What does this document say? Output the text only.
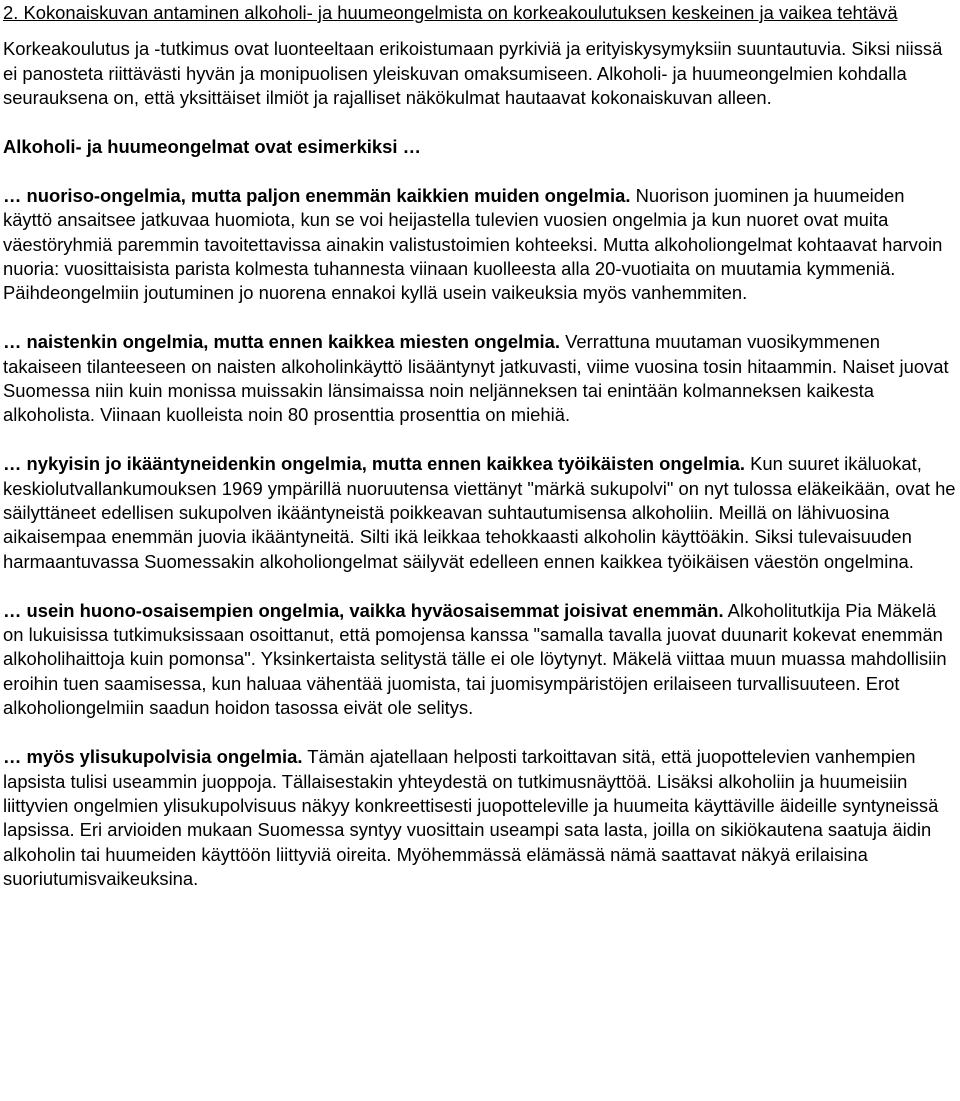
2. Kokonaiskuvan antaminen alkoholi- ja huumeongelmista on korkeakoulutuksen keskeinen ja vaikea tehtävä

Korkeakoulutus ja -tutkimus ovat luonteeltaan erikoistumaan pyrkiviä ja erityiskysymyksiin suuntautuvia. Siksi niissä ei panosteta riittävästi hyvän ja monipuolisen yleiskuvan omaksumiseen. Alkoholi- ja huumeongelmien kohdalla seurauksena on, että yksittäiset ilmiöt ja rajalliset näkökulmat hautaavat kokonaiskuvan alleen.

Alkoholi- ja huumeongelmat ovat esimerkiksi …

… nuoriso-ongelmia, mutta paljon enemmän kaikkien muiden ongelmia. Nuorison juominen ja huumeiden käyttö ansaitsee jatkuvaa huomiota, kun se voi heijastella tulevien vuosien ongelmia ja kun nuoret ovat muita väestöryhmiä paremmin tavoitettavissa ainakin valistustoimien kohteeksi. Mutta alkoholiongelmat kohtaavat harvoin nuoria: vuosittaisista parista kolmesta tuhannesta viinaan kuolleesta alla 20-vuotiaita on muutamia kymmeniä. Päihdeongelmiin joutuminen jo nuorena ennakoi kyllä usein vaikeuksia myös vanhemmiten.

… naistenkin ongelmia, mutta ennen kaikkea miesten ongelmia. Verrattuna muutaman vuosikymmenen takaiseen tilanteeseen on naisten alkoholinkäyttö lisääntynyt jatkuvasti, viime vuosina tosin hitaammin. Naiset juovat Suomessa niin kuin monissa muissakin länsimaissa noin neljänneksen tai enintään kolmanneksen kaikesta alkoholista. Viinaan kuolleista noin 80 prosenttia prosenttia on miehiä.

… nykyisin jo ikääntyneidenkin ongelmia, mutta ennen kaikkea työikäisten ongelmia. Kun suuret ikäluokat, keskiolutvallankumouksen 1969 ympärillä nuoruutensa viettänyt "märkä sukupolvi" on nyt tulossa eläkeikään, ovat he säilyttäneet edellisen sukupolven ikääntyneistä poikkeavan suhtautumisensa alkoholiin. Meillä on lähivuosina aikaisempaa enemmän juovia ikääntyneitä. Silti ikä leikkaa tehokkaasti alkoholin käyttöäkin. Siksi tulevaisuuden harmaantuvassa Suomessakin alkoholiongelmat säilyvät edelleen ennen kaikkea työikäisen väestön ongelmina.

… usein huono-osaisempien ongelmia, vaikka hyväosaisemmat joisivat enemmän. Alkoholitutkija Pia Mäkelä on lukuisissa tutkimuksissaan osoittanut, että pomojensa kanssa "samalla tavalla juovat duunarit kokevat enemmän alkoholihaittoja kuin pomonsa". Yksinkertaista selitystä tälle ei ole löytynyt. Mäkelä viittaa muun muassa mahdollisiin eroihin tuen saamisessa, kun haluaa vähentää juomista, tai juomisympäristöjen erilaiseen turvallisuuteen. Erot alkoholiongelmiin saadun hoidon tasossa eivät ole selitys.

… myös ylisukupolvisia ongelmia. Tämän ajatellaan helposti tarkoittavan sitä, että juopottelevien vanhempien lapsista tulisi useammin juoppoja. Tällaisestakin yhteydestä on tutkimusnäyttöä. Lisäksi alkoholiin ja huumeisiin liittyvien ongelmien ylisukupolvisuus näkyy konkreettisesti juopotteleville ja huumeita käyttäville äideille syntyneissä lapsissa. Eri arvioiden mukaan Suomessa syntyy vuosittain useampi sata lasta, joilla on sikiökautena saatuja äidin alkoholin tai huumeiden käyttöön liittyviä oireita. Myöhemmässä elämässä nämä saattavat näkyä erilaisina suoriutumisvaikeuksina.
